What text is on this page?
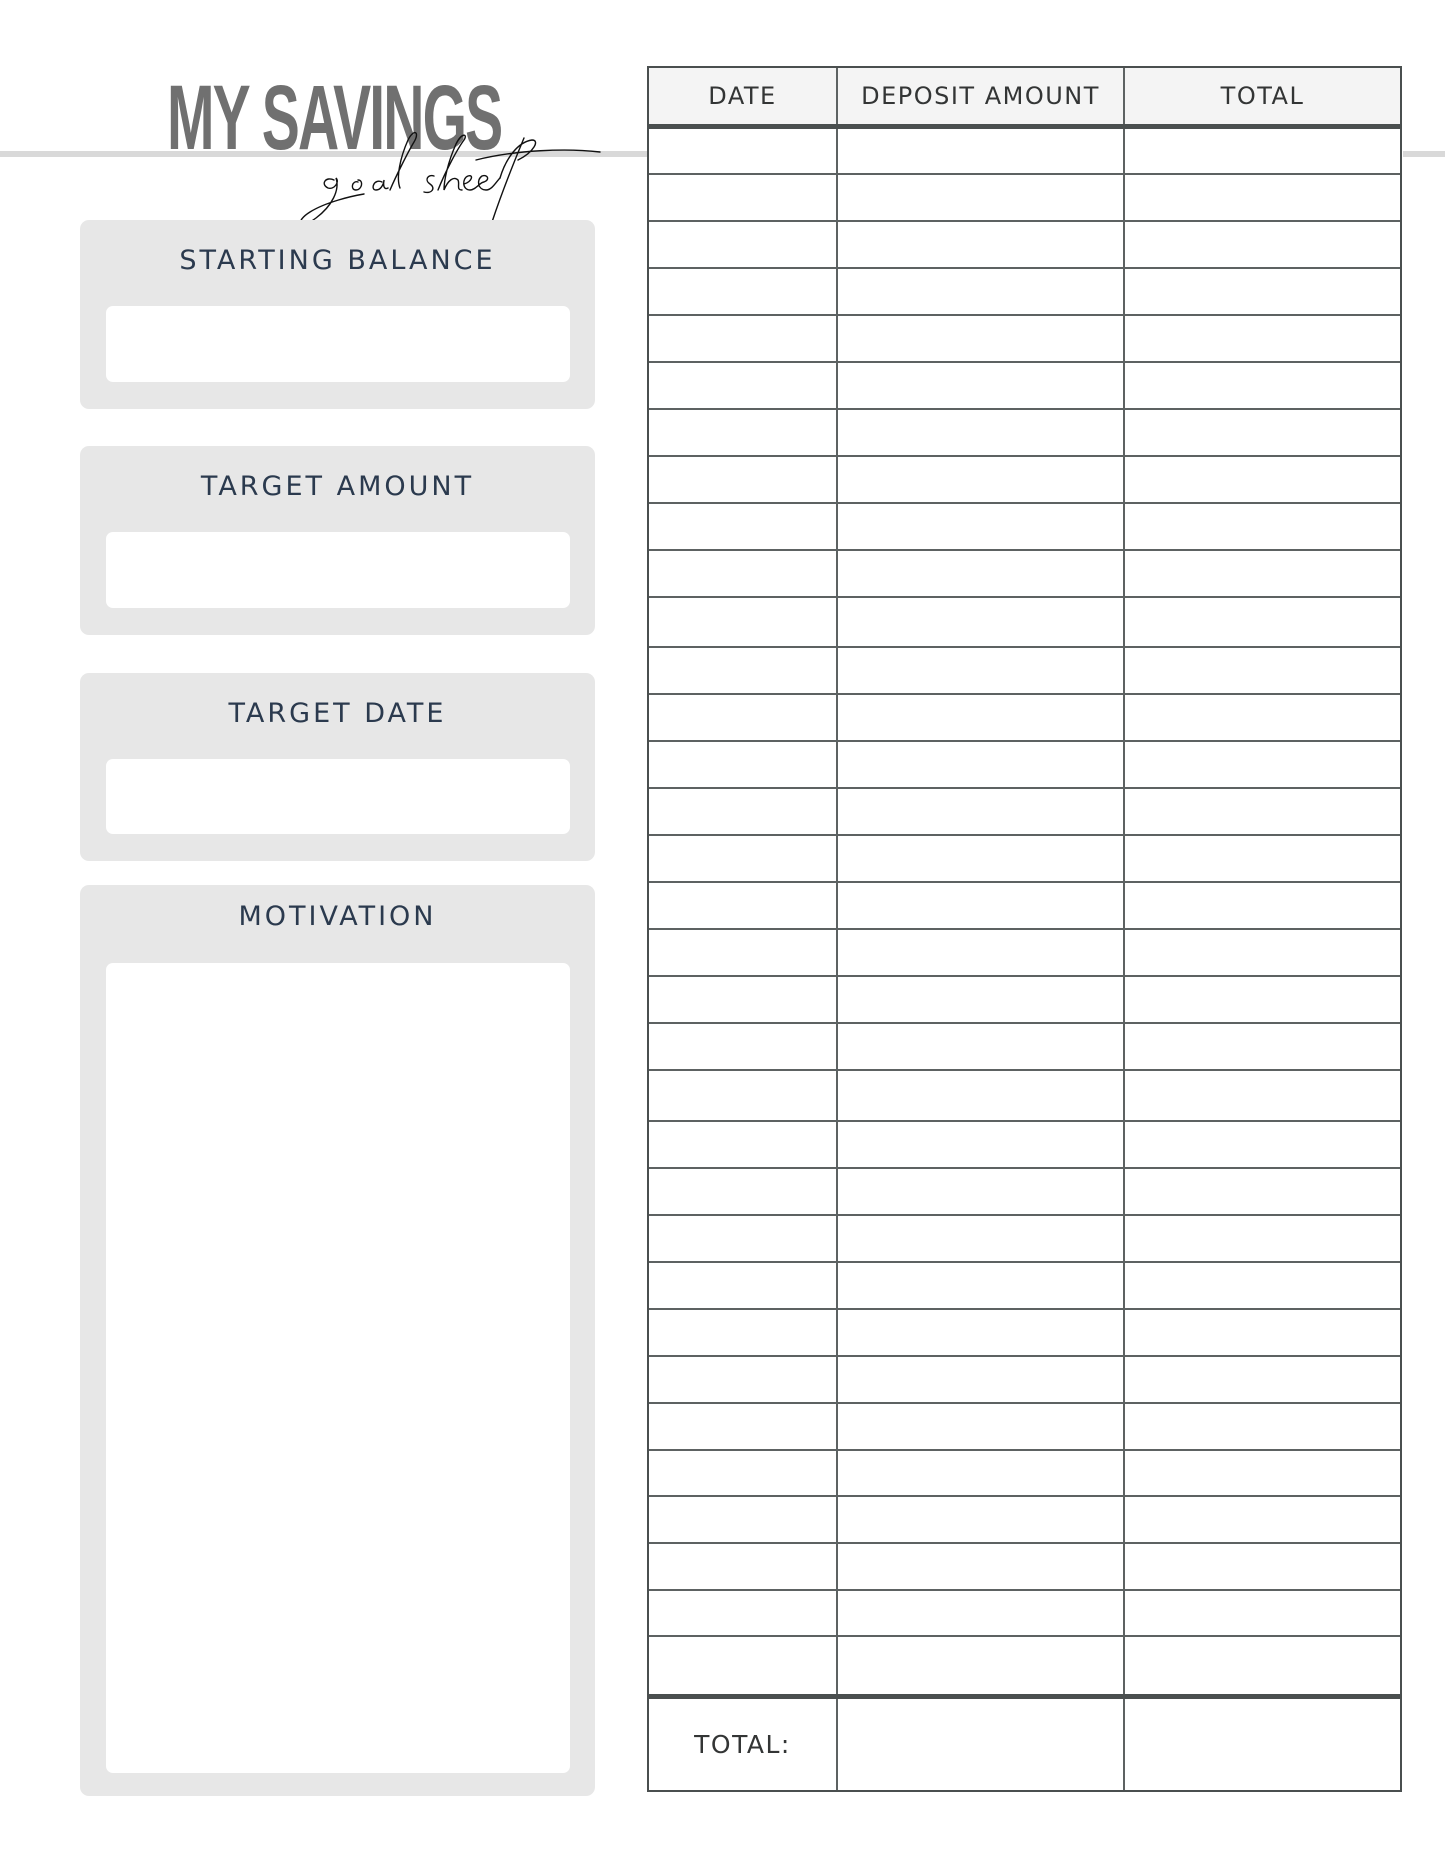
MY SAVINGS
STARTING BALANCE
TARGET AMOUNT
TARGET DATE
MOTIVATION
DATE	DEPOSIT AMOUNT	TOTAL
TOTAL:
